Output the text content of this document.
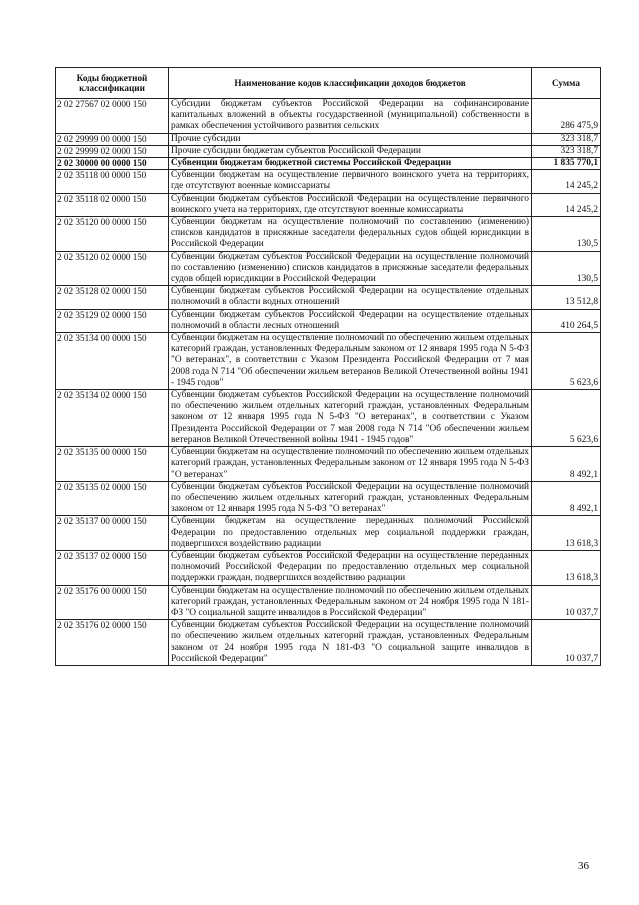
Коды бюджетной классификации	Наименование кодов классификации доходов бюджетов	Сумма
2 02 27567 02 0000 150	Субсидии бюджетам субъектов Российской Федерации на софинансирование капитальных вложений в объекты государственной (муниципальной) собственности в рамках обеспечения устойчивого развития сельских	286 475,9
2 02 29999 00 0000 150	Прочие субсидии	323 318,7
2 02 29999 02 0000 150	Прочие субсидии бюджетам субъектов Российской Федерации	323 318,7
2 02 30000 00 0000 150	Субвенции бюджетам бюджетной системы Российской Федерации	1 835 770,1
2 02 35118 00 0000 150	Субвенции бюджетам на осуществление первичного воинского учета на территориях, где отсутствуют военные комиссариаты	14 245,2
2 02 35118 02 0000 150	Субвенции бюджетам субъектов Российской Федерации на осуществление первичного воинского учета на территориях, где отсутствуют военные комиссариаты	14 245,2
2 02 35120 00 0000 150	Субвенции бюджетам на осуществление полномочий по составлению (изменению) списков кандидатов в присяжные заседатели федеральных судов общей юрисдикции в Российской Федерации	130,5
2 02 35120 02 0000 150	Субвенции бюджетам субъектов Российской Федерации на осуществление полномочий по составлению (изменению) списков кандидатов в присяжные заседатели федеральных судов общей юрисдикции в Российской Федерации	130,5
2 02 35128 02 0000 150	Субвенции бюджетам субъектов Российской Федерации на осуществление отдельных полномочий в области водных отношений	13 512,8
2 02 35129 02 0000 150	Субвенции бюджетам субъектов Российской Федерации на осуществление отдельных полномочий в области лесных отношений	410 264,5
2 02 35134 00 0000 150	Субвенции бюджетам на осуществление полномочий по обеспечению жильем отдельных категорий граждан, установленных Федеральным законом от 12 января 1995 года N 5-ФЗ "О ветеранах", в соответствии с Указом Президента Российской Федерации от 7 мая 2008 года N 714 "Об обеспечении жильем ветеранов Великой Отечественной войны 1941 - 1945 годов"	5 623,6
2 02 35134 02 0000 150	Субвенции бюджетам субъектов Российской Федерации на осуществление полномочий по обеспечению жильем отдельных категорий граждан, установленных Федеральным законом от 12 января 1995 года N 5-ФЗ "О ветеранах", в соответствии с Указом Президента Российской Федерации от 7 мая 2008 года N 714 "Об обеспечении жильем ветеранов Великой Отечественной войны 1941 - 1945 годов"	5 623,6
2 02 35135 00 0000 150	Субвенции бюджетам на осуществление полномочий по обеспечению жильем отдельных категорий граждан, установленных Федеральным законом от 12 января 1995 года N 5-ФЗ "О ветеранах"	8 492,1
2 02 35135 02 0000 150	Субвенции бюджетам субъектов Российской Федерации на осуществление полномочий по обеспечению жильем отдельных категорий граждан, установленных Федеральным законом от 12 января 1995 года N 5-ФЗ "О ветеранах"	8 492,1
2 02 35137 00 0000 150	Субвенции бюджетам на осуществление переданных полномочий Российской Федерации по предоставлению отдельных мер социальной поддержки граждан, подвергшихся воздействию радиации	13 618,3
2 02 35137 02 0000 150	Субвенции бюджетам субъектов Российской Федерации на осуществление переданных полномочий Российской Федерации по предоставлению отдельных мер социальной поддержки граждан, подвергшихся воздействию радиации	13 618,3
2 02 35176 00 0000 150	Субвенции бюджетам на осуществление полномочий по обеспечению жильем отдельных категорий граждан, установленных Федеральным законом от 24 ноября 1995 года N 181-ФЗ "О социальной защите инвалидов в Российской Федерации"	10 037,7
2 02 35176 02 0000 150	Субвенции бюджетам субъектов Российской Федерации на осуществление полномочий по обеспечению жильем отдельных категорий граждан, установленных Федеральным законом от 24 ноября 1995 года N 181-ФЗ "О социальной защите инвалидов в Российской Федерации"	10 037,7
36
